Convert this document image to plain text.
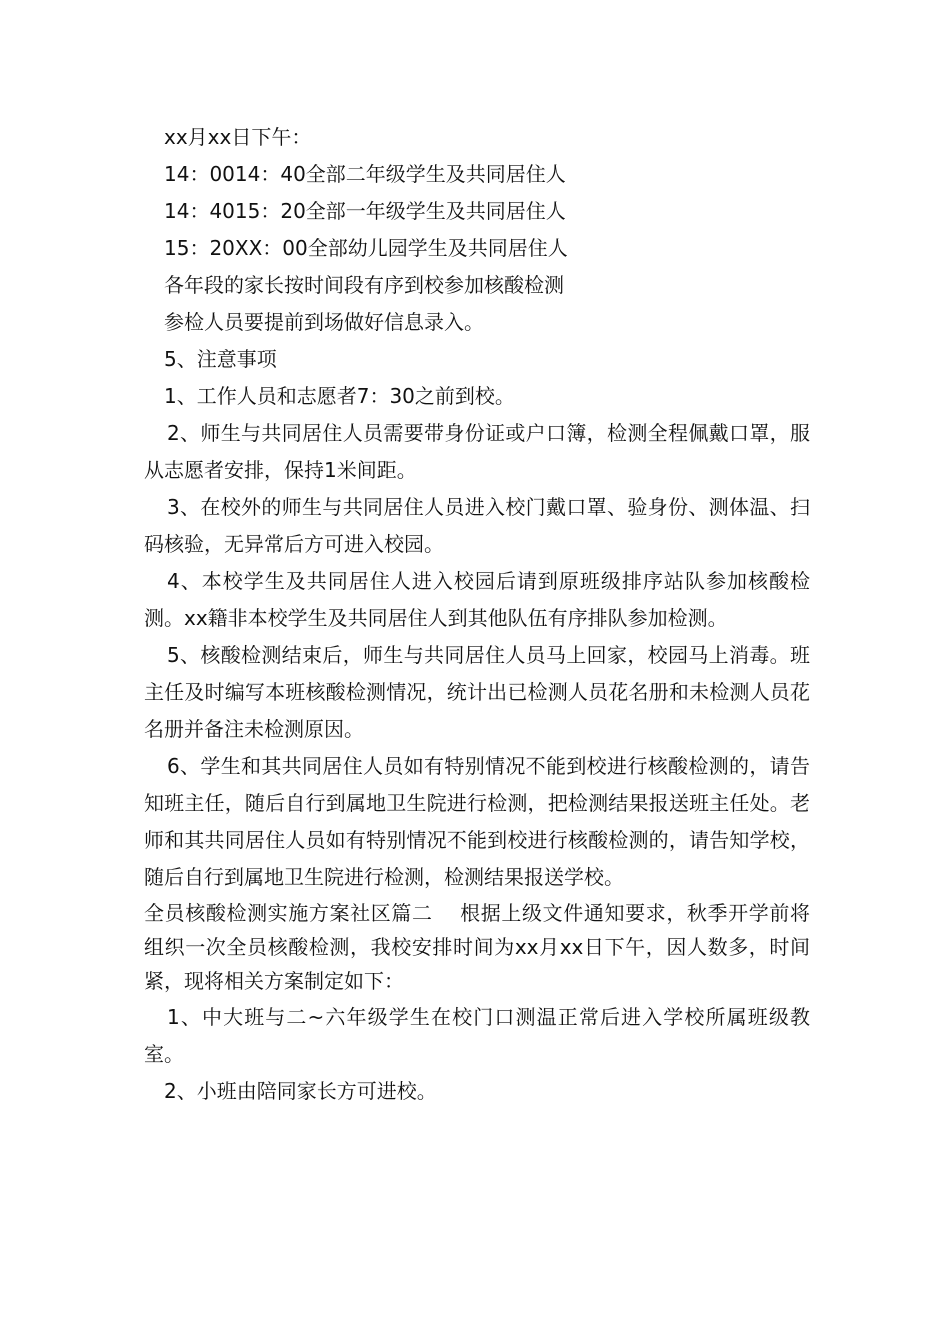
xx月xx日下午：

14：0014：40全部二年级学生及共同居住人

14：4015：20全部一年级学生及共同居住人

15：20XX：00全部幼儿园学生及共同居住人

各年段的家长按时间段有序到校参加核酸检测

参检人员要提前到场做好信息录入。

5、注意事项

1、工作人员和志愿者7：30之前到校。

2、师生与共同居住人员需要带身份证或户口簿，检测全程佩戴口罩，服从志愿者安排，保持1米间距。

3、在校外的师生与共同居住人员进入校门戴口罩、验身份、测体温、扫码核验，无异常后方可进入校园。

4、本校学生及共同居住人进入校园后请到原班级排序站队参加核酸检测。xx籍非本校学生及共同居住人到其他队伍有序排队参加检测。

5、核酸检测结束后，师生与共同居住人员马上回家，校园马上消毒。班主任及时编写本班核酸检测情况，统计出已检测人员花名册和未检测人员花名册并备注未检测原因。

6、学生和其共同居住人员如有特别情况不能到校进行核酸检测的，请告知班主任，随后自行到属地卫生院进行检测，把检测结果报送班主任处。老师和其共同居住人员如有特别情况不能到校进行核酸检测的，请告知学校，随后自行到属地卫生院进行检测，检测结果报送学校。

全员核酸检测实施方案社区篇二　 根据上级文件通知要求，秋季开学前将组织一次全员核酸检测，我校安排时间为xx月xx日下午，因人数多，时间紧，现将相关方案制定如下：

1、中大班与二~六年级学生在校门口测温正常后进入学校所属班级教室。

2、小班由陪同家长方可进校。
